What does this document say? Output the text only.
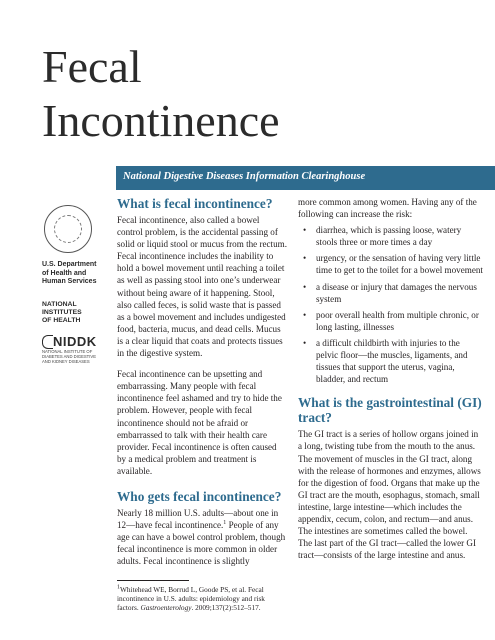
Fecal
Incontinence
National Digestive Diseases Information Clearinghouse
U.S. Department
of Health and
Human Services
NATIONAL
INSTITUTES
OF HEALTH
NIDDK
NATIONAL INSTITUTE OF
DIABETES AND DIGESTIVE
AND KIDNEY DISEASES
What is fecal incontinence?

Fecal incontinence, also called a bowel control problem, is the accidental passing of solid or liquid stool or mucus from the rectum. Fecal incontinence includes the inability to hold a bowel movement until reaching a toilet as well as passing stool into one’s underwear without being aware of it happening. Stool, also called feces, is solid waste that is passed as a bowel movement and includes undigested food, bacteria, mucus, and dead cells. Mucus is a clear liquid that coats and protects tissues in the digestive system.

Fecal incontinence can be upsetting and embarrassing. Many people with fecal incontinence feel ashamed and try to hide the problem. However, people with fecal incontinence should not be afraid or embarrassed to talk with their health care provider. Fecal incontinence is often caused by a medical problem and treatment is available.

Who gets fecal incontinence?

Nearly 18 million U.S. adults—about one in 12—have fecal incontinence.$^1$ People of any age can have a bowel control problem, though fecal incontinence is more common in older adults. Fecal incontinence is slightly

more common among women. Having any of the following can increase the risk:

• diarrhea, which is passing loose, watery stools three or more times a day
• urgency, or the sensation of having very little time to get to the toilet for a bowel movement
• a disease or injury that damages the nervous system
• poor overall health from multiple chronic, or long lasting, illnesses
• a difficult childbirth with injuries to the pelvic floor—the muscles, ligaments, and tissues that support the uterus, vagina, bladder, and rectum
What is the gastrointestinal (GI) tract?

The GI tract is a series of hollow organs joined in a long, twisting tube from the mouth to the anus. The movement of muscles in the GI tract, along with the release of hormones and enzymes, allows for the digestion of food. Organs that make up the GI tract are the mouth, esophagus, stomach, small intestine, large intestine—which includes the appendix, cecum, colon, and rectum—and anus. The intestines are sometimes called the bowel. The last part of the GI tract—called the lower GI tract—consists of the large intestine and anus.

$^1$Whitehead WE, Borrud L, Goode PS, et al. Fecal incontinence in U.S. adults: epidemiology and risk factors. Gastroenterology. 2009;137(2):512–517.
